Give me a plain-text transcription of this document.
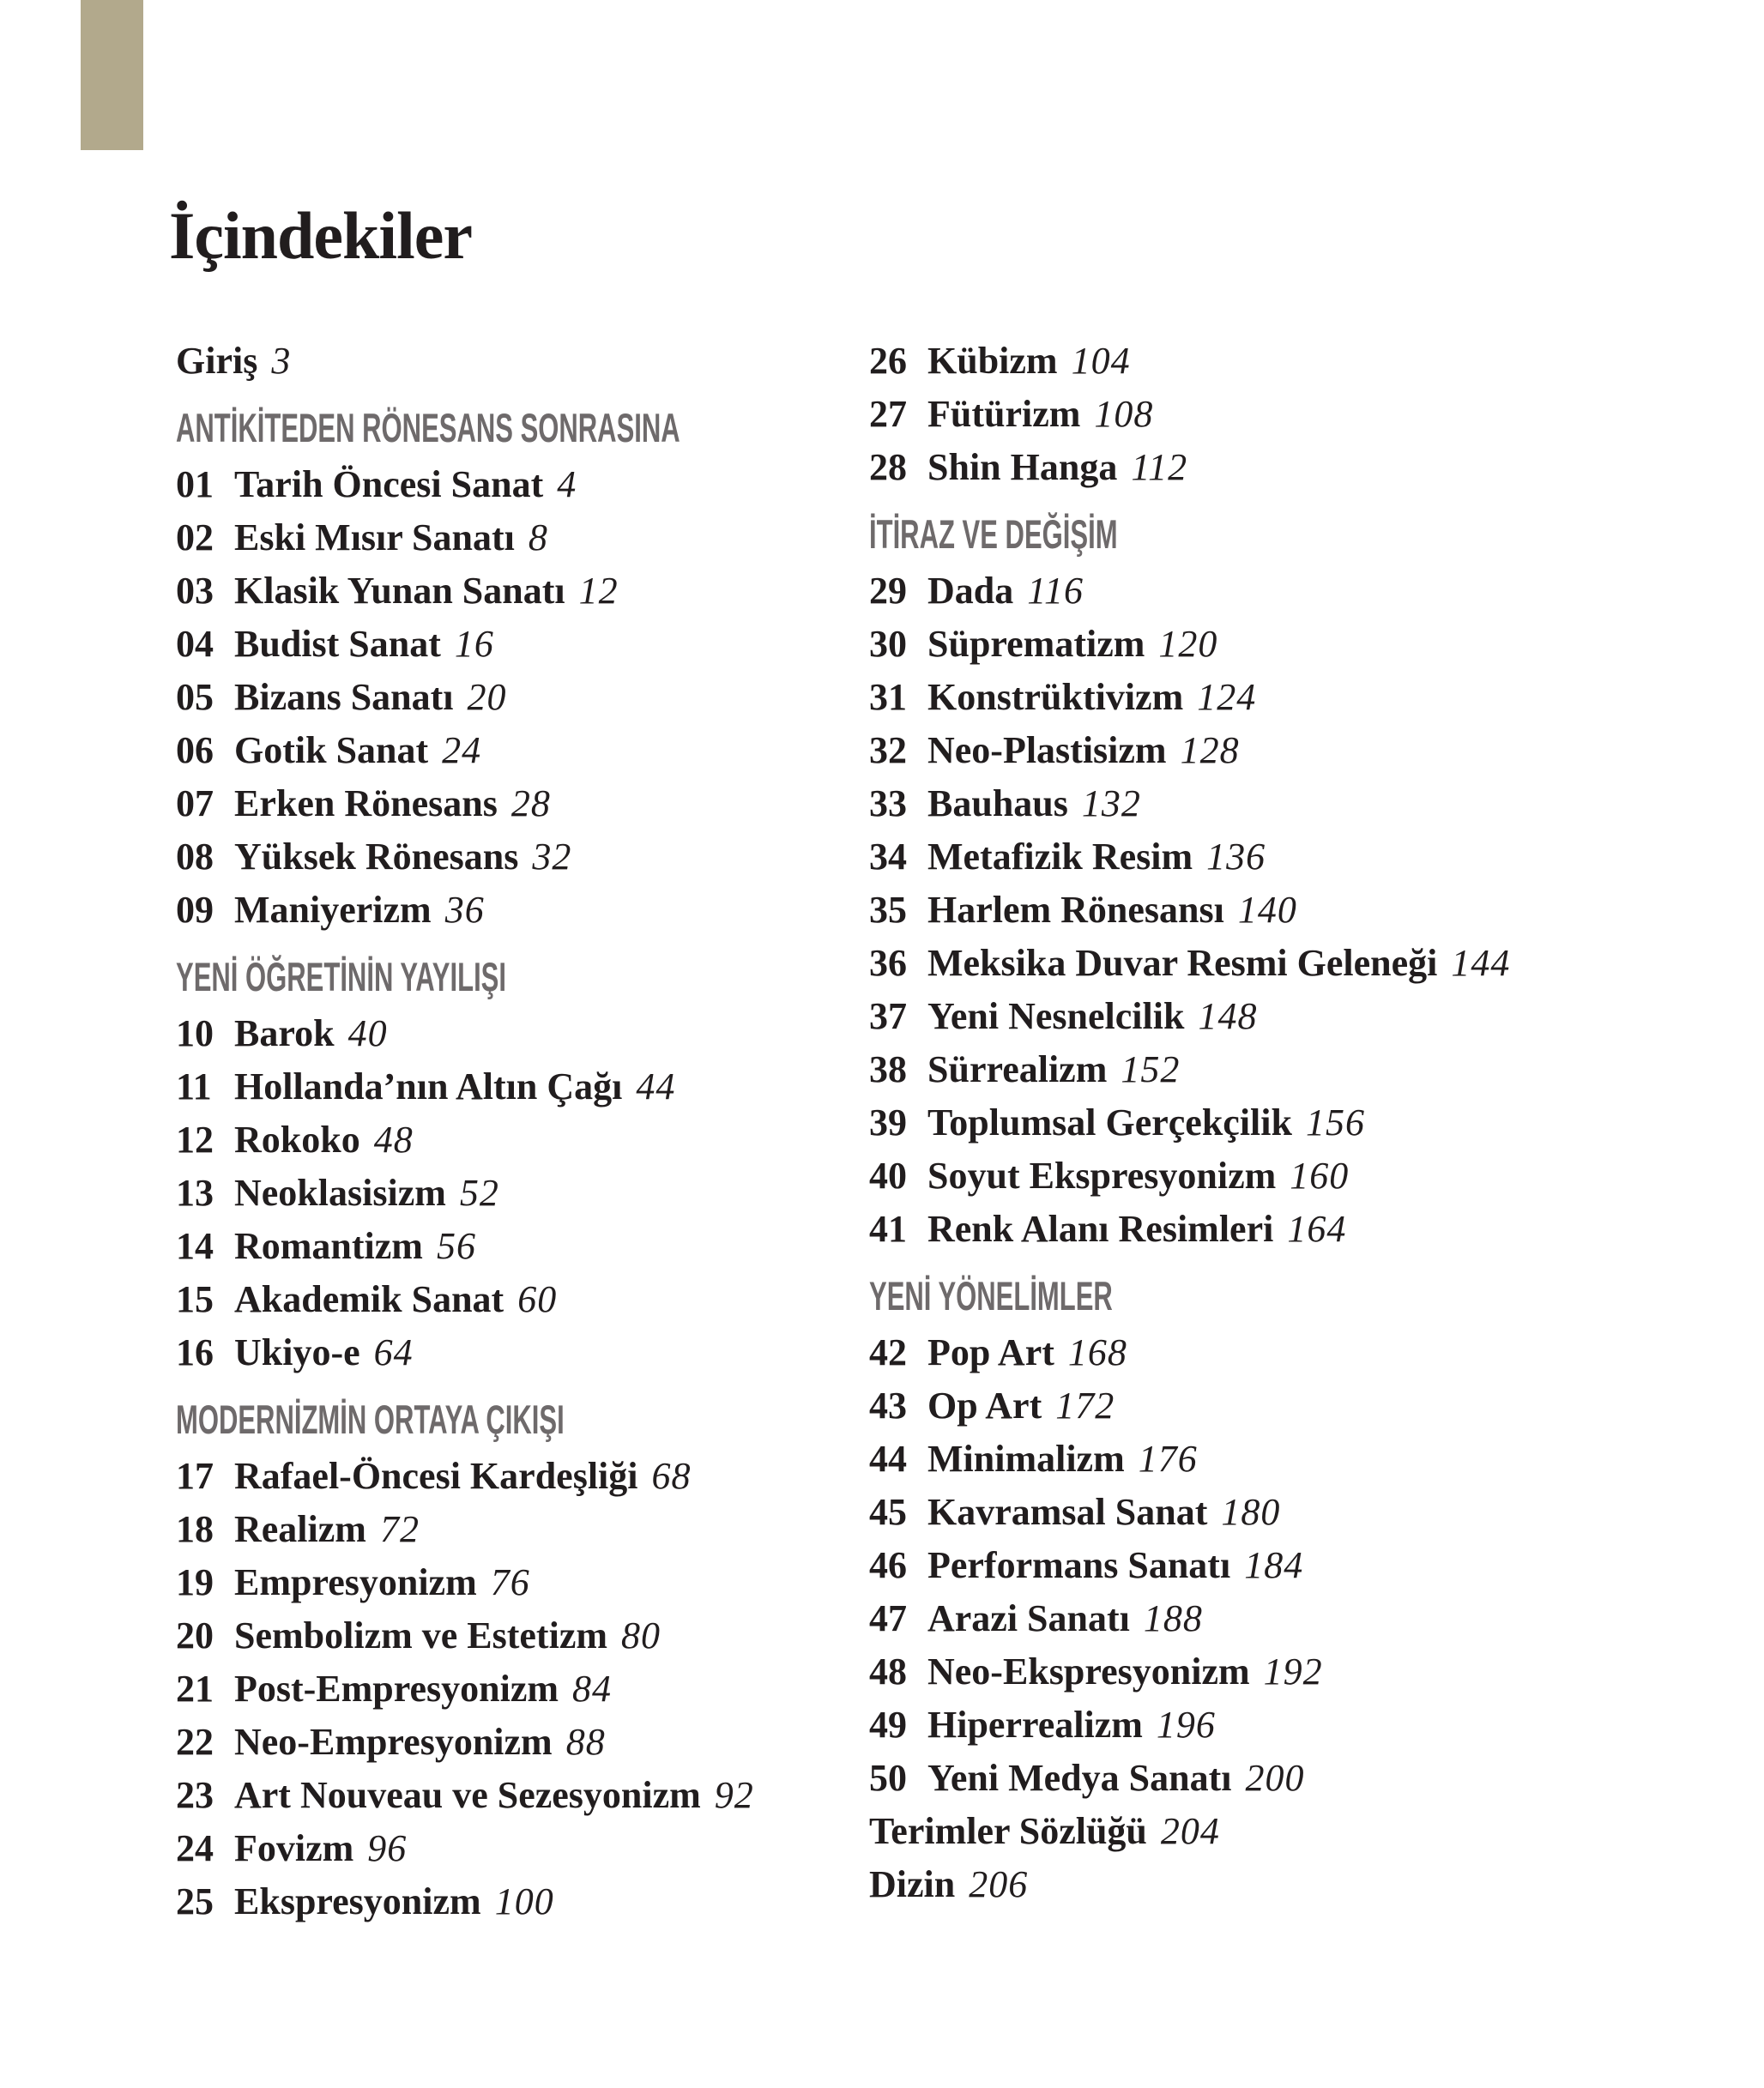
İçindekiler
Giriş 3
ANTİKİTEDEN RÖNESANS SONRASINA
01 Tarih Öncesi Sanat 4
02 Eski Mısır Sanatı 8
03 Klasik Yunan Sanatı 12
04 Budist Sanat 16
05 Bizans Sanatı 20
06 Gotik Sanat 24
07 Erken Rönesans 28
08 Yüksek Rönesans 32
09 Maniyerizm 36
YENİ ÖĞRETİNİN YAYILIŞI
10 Barok 40
11 Hollanda’nın Altın Çağı 44
12 Rokoko 48
13 Neoklasisizm 52
14 Romantizm 56
15 Akademik Sanat 60
16 Ukiyo-e 64
MODERNİZMİN ORTAYA ÇIKIŞI
17 Rafael-Öncesi Kardeşliği 68
18 Realizm 72
19 Empresyonizm 76
20 Sembolizm ve Estetizm 80
21 Post-Empresyonizm 84
22 Neo-Empresyonizm 88
23 Art Nouveau ve Sezesyonizm 92
24 Fovizm 96
25 Ekspresyonizm 100
26 Kübizm 104
27 Fütürizm 108
28 Shin Hanga 112
İTİRAZ VE DEĞİŞİM
29 Dada 116
30 Süprematizm 120
31 Konstrüktivizm 124
32 Neo-Plastisizm 128
33 Bauhaus 132
34 Metafizik Resim 136
35 Harlem Rönesansı 140
36 Meksika Duvar Resmi Geleneği 144
37 Yeni Nesnelcilik 148
38 Sürrealizm 152
39 Toplumsal Gerçekçilik 156
40 Soyut Ekspresyonizm 160
41 Renk Alanı Resimleri 164
YENİ YÖNELİMLER
42 Pop Art 168
43 Op Art 172
44 Minimalizm 176
45 Kavramsal Sanat 180
46 Performans Sanatı 184
47 Arazi Sanatı 188
48 Neo-Ekspresyonizm 192
49 Hiperrealizm 196
50 Yeni Medya Sanatı 200
Terimler Sözlüğü 204
Dizin 206
